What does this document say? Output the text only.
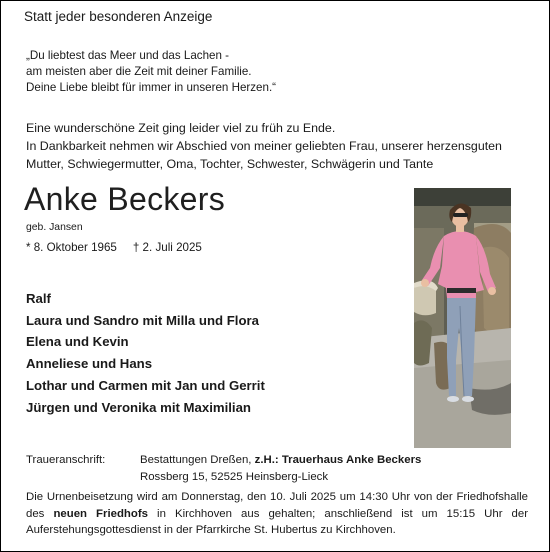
Statt jeder besonderen Anzeige
„Du liebtest das Meer und das Lachen -
am meisten aber die Zeit mit deiner Familie.
Deine Liebe bleibt für immer in unseren Herzen.“
Eine wunderschöne Zeit ging leider viel zu früh zu Ende.
In Dankbarkeit nehmen wir Abschied von meiner geliebten Frau, unserer herzensguten
Mutter, Schwiegermutter, Oma, Tochter, Schwester, Schwägerin und Tante
Anke Beckers
geb. Jansen
* 8. Oktober 1965 † 2. Juli 2025
Ralf
Laura und Sandro mit Milla und Flora
Elena und Kevin
Anneliese und Hans
Lothar und Carmen mit Jan und Gerrit
Jürgen und Veronika mit Maximilian
Traueranschrift:	Bestattungen Dreßen, z.H.: Trauerhaus Anke Beckers
Rossberg 15, 52525 Heinsberg-Lieck
Die Urnenbeisetzung wird am Donnerstag, den 10. Juli 2025 um 14:30 Uhr von der Friedhofshalle des neuen Friedhofs in Kirchhoven aus gehalten; anschließend ist um 15:15 Uhr der Auferstehungsgottesdienst in der Pfarrkirche St. Hubertus zu Kirchhoven.
